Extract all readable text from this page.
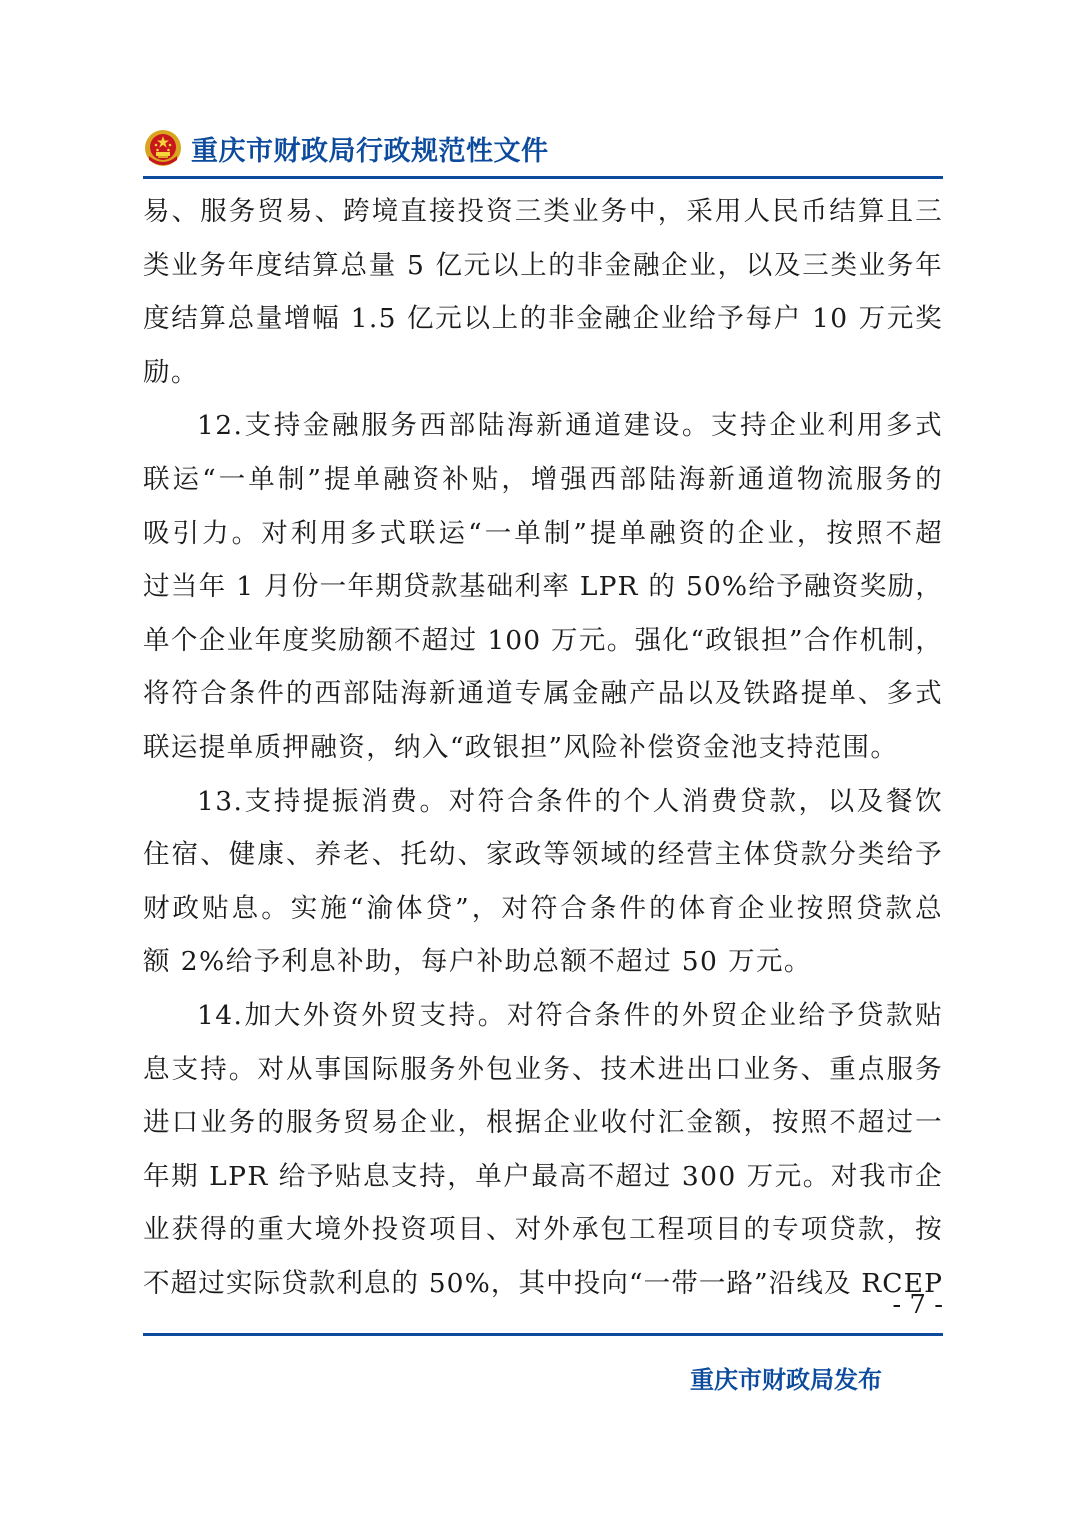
重庆市财政局行政规范性文件

易、服务贸易、跨境直接投资三类业务中，采用人民币结算且三

类业务年度结算总量 5 亿元以上的非金融企业，以及三类业务年

度结算总量增幅 1.5 亿元以上的非金融企业给予每户 10 万元奖

励。

12.支持金融服务西部陆海新通道建设。支持企业利用多式

联运“一单制”提单融资补贴，增强西部陆海新通道物流服务的

吸引力。对利用多式联运“一单制”提单融资的企业，按照不超

过当年 1 月份一年期贷款基础利率 LPR 的 50%给予融资奖励，

单个企业年度奖励额不超过 100 万元。强化“政银担”合作机制，

将符合条件的西部陆海新通道专属金融产品以及铁路提单、多式

联运提单质押融资，纳入“政银担”风险补偿资金池支持范围。

13.支持提振消费。对符合条件的个人消费贷款，以及餐饮

住宿、健康、养老、托幼、家政等领域的经营主体贷款分类给予

财政贴息。实施“渝体贷”，对符合条件的体育企业按照贷款总

额 2%给予利息补助，每户补助总额不超过 50 万元。

14.加大外资外贸支持。对符合条件的外贸企业给予贷款贴

息支持。对从事国际服务外包业务、技术进出口业务、重点服务

进口业务的服务贸易企业，根据企业收付汇金额，按照不超过一

年期 LPR 给予贴息支持，单户最高不超过 300 万元。对我市企

业获得的重大境外投资项目、对外承包工程项目的专项贷款，按

不超过实际贷款利息的 50%，其中投向“一带一路”沿线及 RCEP

- 7 -
重庆市财政局发布
